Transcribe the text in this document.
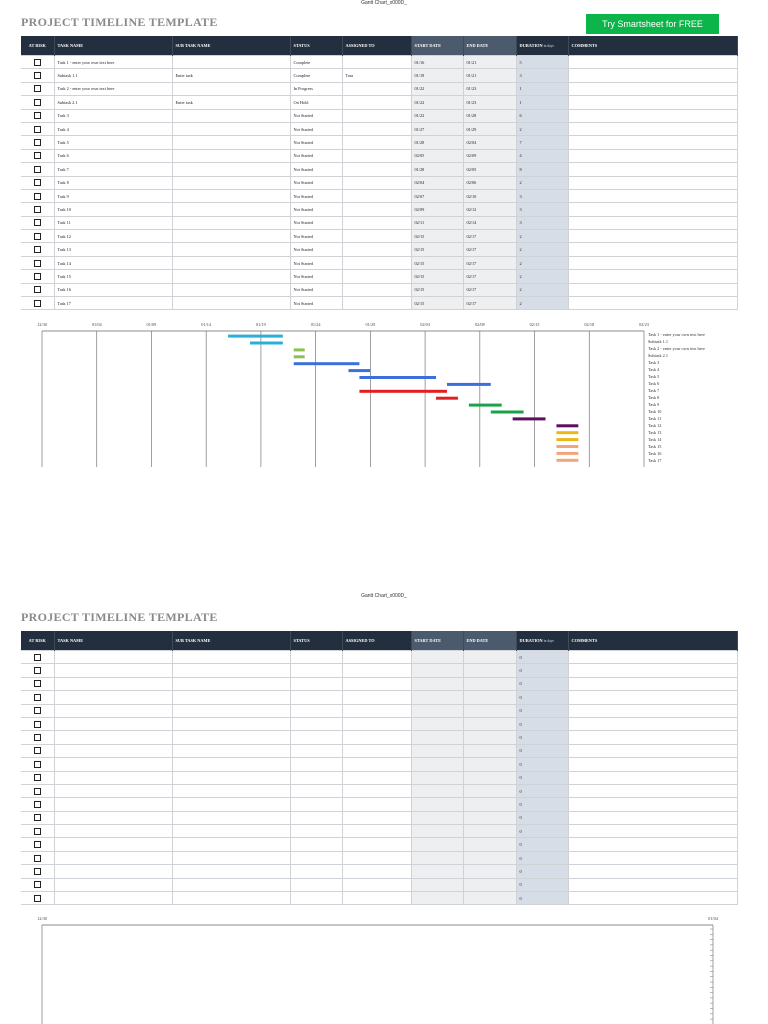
Gantt Chart_x000D_
PROJECT TIMELINE TEMPLATE	Try Smartsheet for FREE
AT RISK	TASK NAME	SUB TASK NAME	STATUS	ASSIGNED TO	START DATE	END DATE	DURATION in days	COMMENTS
	Task 1 - enter your own text here		Complete		01/16	01/21	5	
	Subtask 1.1	Enter task	Complete	Tara	01/18	01/21	3	
	Task 2 - enter your own text here		In Progress		01/22	01/23	1	
	Subtask 2.1	Enter task	On Hold		01/22	01/23	1	
	Task 3		Not Started		01/22	01/28	6	
	Task 4		Not Started		01/27	01/29	2	
	Task 5		Not Started		01/28	02/04	7	
	Task 6		Not Started		02/05	02/09	4	
	Task 7		Not Started		01/28	02/05	8	
	Task 8		Not Started		02/04	02/06	2	
	Task 9		Not Started		02/07	02/10	3	
	Task 10		Not Started		02/09	02/12	3	
	Task 11		Not Started		02/11	02/14	3	
	Task 12		Not Started		02/15	02/17	2	
	Task 13		Not Started		02/15	02/17	2	
	Task 14		Not Started		02/15	02/17	2	
	Task 15		Not Started		02/15	02/17	2	
	Task 16		Not Started		02/15	02/17	2	
	Task 17		Not Started		02/15	02/17	2	
12/30	01/04	01/09	01/14	01/19	01/24	01/29	02/03	02/08	02/13	02/18	02/23
Task 1 - enter your own text here
Subtask 1.1
Task 2 - enter your own text here
Subtask 2.1
Task 3
Task 4
Task 5
Task 6
Task 7
Task 8
Task 9
Task 10
Task 11
Task 12
Task 13
Task 14
Task 15
Task 16
Task 17
Gantt Chart_x000D_
PROJECT TIMELINE TEMPLATE
AT RISK	TASK NAME	SUB TASK NAME	STATUS	ASSIGNED TO	START DATE	END DATE	DURATION in days	COMMENTS
							0	
							0	
							0	
							0	
							0	
							0	
							0	
							0	
							0	
							0	
							0	
							0	
							0	
							0	
							0	
							0	
							0	
							0	
							0	
12/30	01/04
